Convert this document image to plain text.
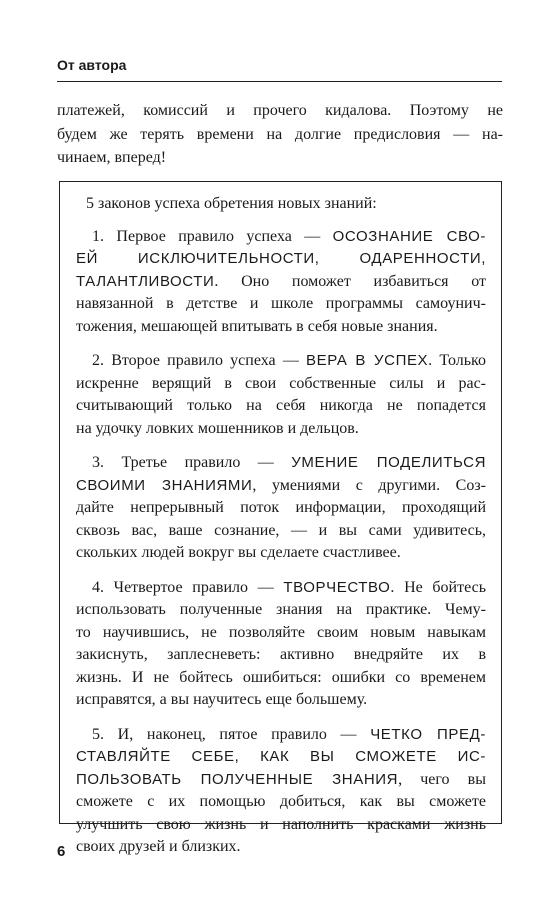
От автора
платежей, комиссий и прочего кидалова. Поэтому не
будем же терять времени на долгие предисловия — на-
чинаем, вперед!
5 законов успеха обретения новых знаний:
1. Первое правило успеха — ОСОЗНАНИЕ СВО-
ЕЙ ИСКЛЮЧИТЕЛЬНОСТИ, ОДАРЕННОСТИ,
ТАЛАНТЛИВОСТИ. Оно поможет избавиться от
навязанной в детстве и школе программы самоунич-
тожения, мешающей впитывать в себя новые знания.
2. Второе правило успеха — ВЕРА В УСПЕХ. Только
искренне верящий в свои собственные силы и рас-
считывающий только на себя никогда не попадется
на удочку ловких мошенников и дельцов.
3. Третье правило — УМЕНИЕ ПОДЕЛИТЬСЯ
СВОИМИ ЗНАНИЯМИ, умениями с другими. Соз-
дайте непрерывный поток информации, проходящий
сквозь вас, ваше сознание, — и вы сами удивитесь,
скольких людей вокруг вы сделаете счастливее.
4. Четвертое правило — ТВОРЧЕСТВО. Не бойтесь
использовать полученные знания на практике. Чему-
то научившись, не позволяйте своим новым навыкам
закиснуть, заплесневеть: активно внедряйте их в
жизнь. И не бойтесь ошибиться: ошибки со временем
исправятся, а вы научитесь еще большему.
5. И, наконец, пятое правило — ЧЕТКО ПРЕД-
СТАВЛЯЙТЕ СЕБЕ, КАК ВЫ СМОЖЕТЕ ИС-
ПОЛЬЗОВАТЬ ПОЛУЧЕННЫЕ ЗНАНИЯ, чего вы
сможете с их помощью добиться, как вы сможете
улучшить свою жизнь и наполнить красками жизнь
своих друзей и близких.
6
